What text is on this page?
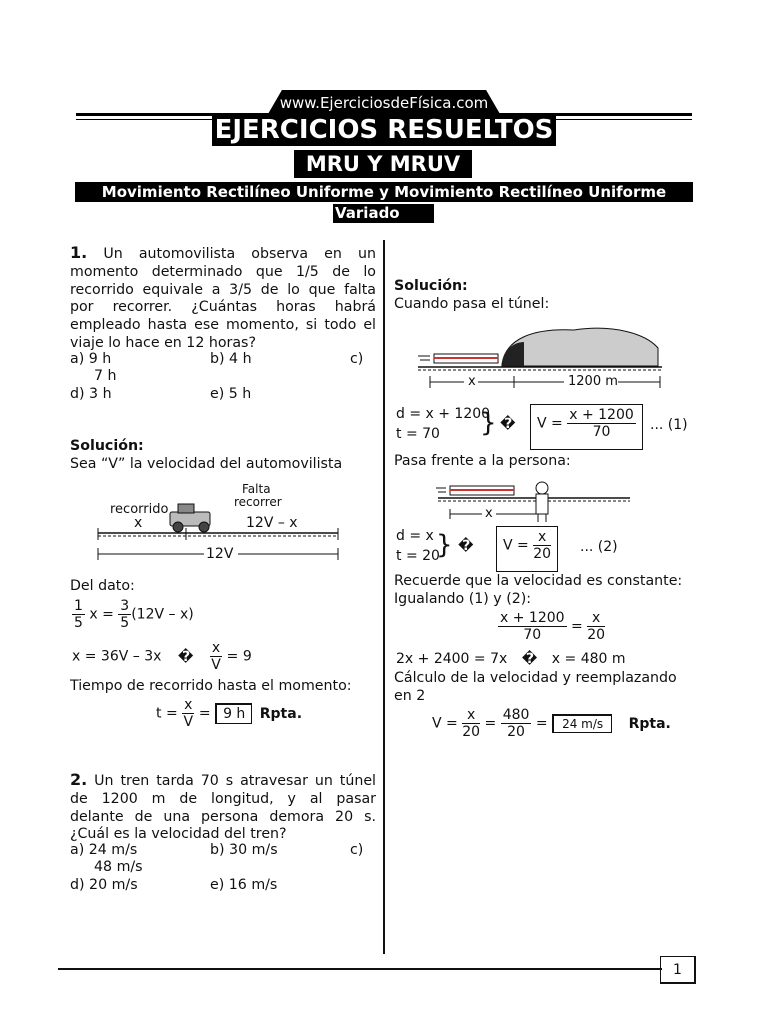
www.EjerciciosdeFísica.com
EJERCICIOS RESUELTOS
MRU Y MRUV
Movimiento Rectilíneo Uniforme y Movimiento Rectilíneo Uniforme
Variado
1. Un automovilista observa en un
momento determinado que 1/5 de lo
recorrido equivale a 3/5 de lo que falta
por recorrer. ¿Cuántas horas habrá
empleado hasta ese momento, si todo el
viaje lo hace en 12 horas?
a) 9 h	b) 4 h	c)
7 h
d) 3 h	e) 5 h
Solución:
Sea “V” la velocidad del automovilista
recorrido
x
Falta
recorrer
12V – x
12V
Del dato:
$\frac{1}{5}$ $x = \frac{3}{5} (12V - x)$
x = 36V – 3x � $\frac{x}{V} = 9$
Tiempo de recorrido hasta el momento:
$t = \frac{x}{V} = 9$ h Rpta.
2. Un tren tarda 70 s atravesar un túnel
de 1200 m de longitud, y al pasar
delante de una persona demora 20 s.
¿Cuál es la velocidad del tren?
a) 24 m/s	b) 30 m/s	c)
48 m/s
d) 20 m/s	e) 16 m/s
Solución:
Cuando pasa el túnel:
x	1200 m
d = x + 1200
t = 70 } �	$V = \frac{x + 1200}{70}$ ... (1)
Pasa frente a la persona:
x
d = x
t = 20
} �	$V = \frac{x}{20}$ ... (2)
Recuerde que la velocidad es constante:
Igualando (1) y (2):
$\frac{x + 1200}{70} = \frac{x}{20}$
2x + 2400 = 7x � x = 480 m
Cálculo de la velocidad y reemplazando
en 2
$V = \frac{x}{20} = \frac{480}{20} = 24$ m/s Rpta.
1
